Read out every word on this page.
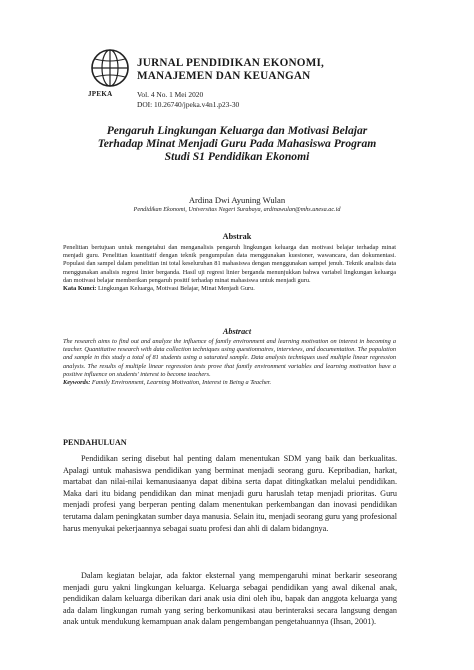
JPEKA
JURNAL PENDIDIKAN EKONOMI,
MANAJEMEN DAN KEUANGAN
Vol. 4 No. 1 Mei 2020
DOI: 10.26740/jpeka.v4n1.p23-30
Pengaruh Lingkungan Keluarga dan Motivasi Belajar
Terhadap Minat Menjadi Guru Pada Mahasiswa Program
Studi S1 Pendidikan Ekonomi
Ardina Dwi Ayuning Wulan
Pendidikan Ekonomi, Universitas Negeri Surabaya, ardinawulan@mhs.unesa.ac.id
Abstrak
Penelitian bertujuan untuk mengetahui dan menganalisis pengaruh lingkungan keluarga dan motivasi belajar terhadap minat menjadi guru. Penelitian kuantitatif dengan teknik pengumpulan data menggunakan kuesioner, wawancara, dan dokumentasi. Populasi dan sampel dalam penelitian ini total keseluruhan 81 mahasiswa dengan menggunakan sampel jenuh. Teknik analisis data menggunakan analisis regresi linier berganda. Hasil uji regresi linier berganda menunjukkan bahwa variabel lingkungan keluarga dan motivasi belajar memberikan pengaruh positif terhadap minat mahasiswa untuk menjadi guru.
Kata Kunci: Lingkungan Keluarga, Motivasi Belajar, Minat Menjadi Guru.
Abstract
The research aims to find out and analyze the influence of family environment and learning motivation on interest in becoming a teacher. Quantitative research with data collection techniques using questionnaires, interviews, and documentation. The population and sample in this study a total of 81 students using a saturated sample. Data analysis techniques used multiple linear regression analysis. The results of multiple linear regression tests prove that family environment variables and learning motivation have a positive influence on students' interest to become teachers.
Keywords: Family Environment, Learning Motivation, Interest in Being a Teacher.
PENDAHULUAN
Pendidikan sering disebut hal penting dalam menentukan SDM yang baik dan berkualitas. Apalagi untuk mahasiswa pendidikan yang berminat menjadi seorang guru. Kepribadian, harkat, martabat dan nilai-nilai kemanusiaanya dapat dibina serta dapat ditingkatkan melalui pendidikan. Maka dari itu bidang pendidikan dan minat menjadi guru haruslah tetap menjadi prioritas. Guru menjadi profesi yang berperan penting dalam menentukan perkembangan dan inovasi pendidikan terutama dalam peningkatan sumber daya manusia. Selain itu, menjadi seorang guru yang profesional harus menyukai pekerjaannya sebagai suatu profesi dan ahli di dalam bidangnya.
Dalam kegiatan belajar, ada faktor eksternal yang mempengaruhi minat berkarir seseorang menjadi guru yakni lingkungan keluarga. Keluarga sebagai pendidikan yang awal dikenal anak, pendidikan dalam keluarga diberikan dari anak usia dini oleh ibu, bapak dan anggota keluarga yang ada dalam lingkungan rumah yang sering berkomunikasi atau berinteraksi secara langsung dengan anak untuk mendukung kemampuan anak dalam pengembangan pengetahuannya (Ihsan, 2001).
